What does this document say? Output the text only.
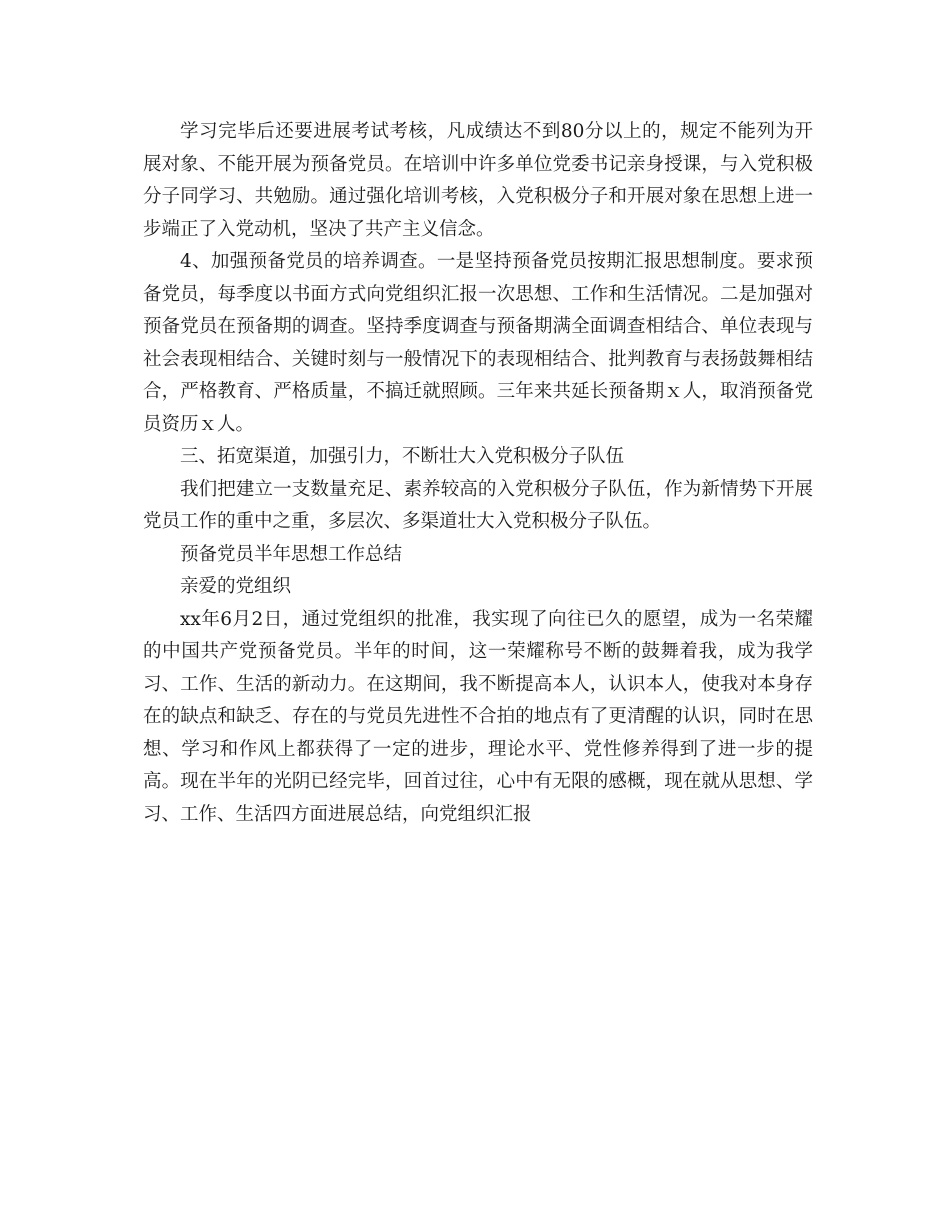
学习完毕后还要进展考试考核，凡成绩达不到80分以上的，规定不能列为开展对象、不能开展为预备党员。在培训中许多单位党委书记亲身授课，与入党积极分子同学习、共勉励。通过强化培训考核，入党积极分子和开展对象在思想上进一步端正了入党动机，坚决了共产主义信念。

4、加强预备党员的培养调查。一是坚持预备党员按期汇报思想制度。要求预备党员，每季度以书面方式向党组织汇报一次思想、工作和生活情况。二是加强对预备党员在预备期的调查。坚持季度调查与预备期满全面调查相结合、单位表现与社会表现相结合、关键时刻与一般情况下的表现相结合、批判教育与表扬鼓舞相结合，严格教育、严格质量，不搞迁就照顾。三年来共延长预备期ｘ人，取消预备党员资历ｘ人。

三、拓宽渠道，加强引力，不断壮大入党积极分子队伍

我们把建立一支数量充足、素养较高的入党积极分子队伍，作为新情势下开展党员工作的重中之重，多层次、多渠道壮大入党积极分子队伍。

预备党员半年思想工作总结

亲爱的党组织

xx年6月2日，通过党组织的批准，我实现了向往已久的愿望，成为一名荣耀的中国共产党预备党员。半年的时间，这一荣耀称号不断的鼓舞着我，成为我学习、工作、生活的新动力。在这期间，我不断提高本人，认识本人，使我对本身存在的缺点和缺乏、存在的与党员先进性不合拍的地点有了更清醒的认识，同时在思想、学习和作风上都获得了一定的进步，理论水平、党性修养得到了进一步的提高。现在半年的光阴已经完毕，回首过往，心中有无限的感概，现在就从思想、学习、工作、生活四方面进展总结，向党组织汇报
